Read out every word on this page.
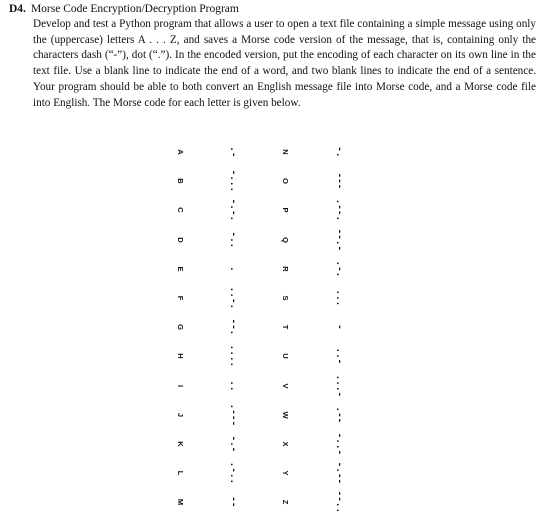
D4. Morse Code Encryption/Decryption Program
Develop and test a Python program that allows a user to open a text file containing a simple message using only the (uppercase) letters A . . . Z, and saves a Morse code version of the message, that is, containing only the characters dash (“-”), dot (“.”). In the encoded version, put the encoding of each character on its own line in the text file. Use a blank line to indicate the end of a word, and two blank lines to indicate the end of a sentence. Your program should be able to both convert an English message file into Morse code, and a Morse code file into English. The Morse code for each letter is given below.
A	.-
B	-...
C	-.-.
D	-..
E	.
F	..-.
G	--.
H	....
I	..
J	.---
K	-.-
L	.-..
M	--
N	-.
O	---
P	.--.
Q	--.-
R	.-.
S	...
T	-
U	..-
V	...-
W	.--
X	-..-
Y	-.--
Z	--..
